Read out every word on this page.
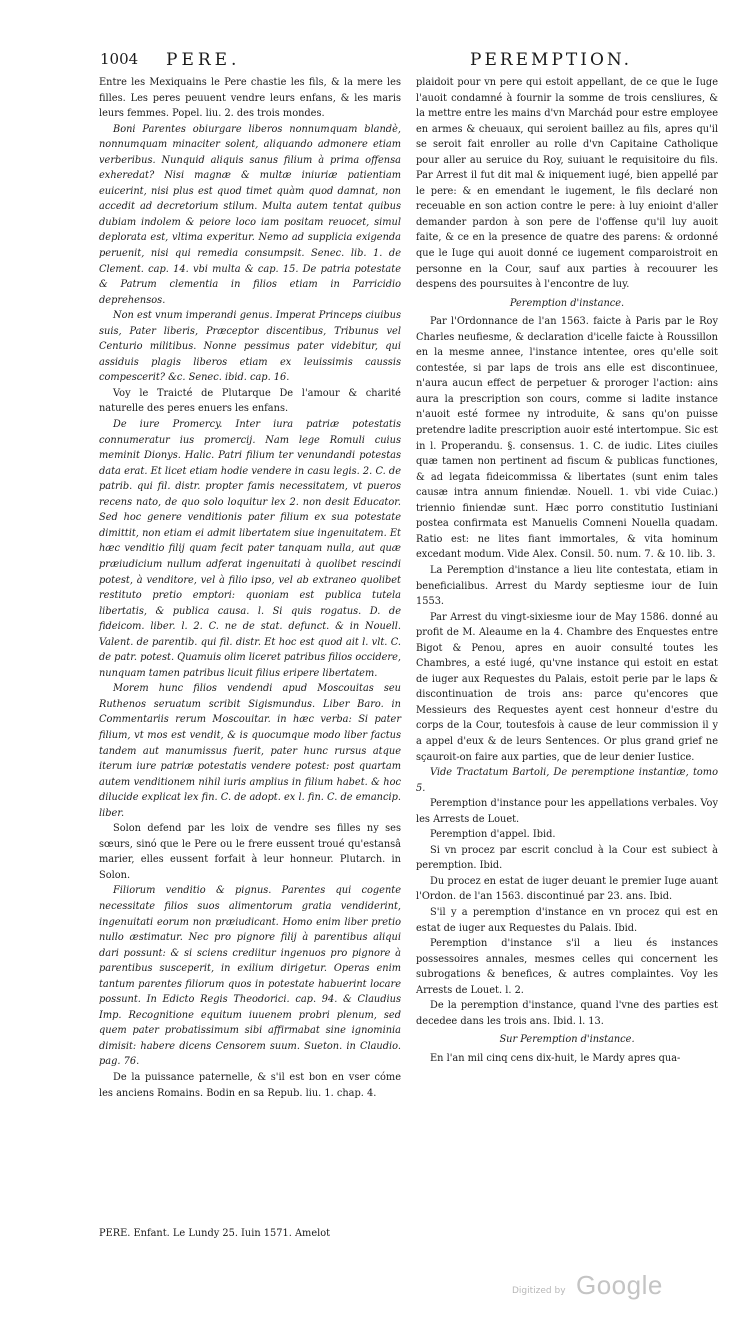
1004 PERE.	PEREMPTION.

Entre les Mexiquains le Pere chastie les fils, & la mere les filles. Les peres peuuent vendre leurs enfans, & les maris leurs femmes. Popel. liu. 2. des trois mondes.

Boni Parentes obiurgare liberos nonnumquam blandè, nonnumquam minaciter solent, aliquando admonere etiam verberibus. Nunquid aliquis sanus filium à prima offensa exheredat? Nisi magnæ & multæ iniuriæ patientiam euicerint, nisi plus est quod timet quàm quod damnat, non accedit ad decretorium stilum. Multa autem tentat quibus dubiam indolem & peiore loco iam positam reuocet, simul deplorata est, vltima experitur. Nemo ad supplicia exigenda peruenit, nisi qui remedia consumpsit. Senec. lib. 1. de Clement. cap. 14. vbi multa & cap. 15. De patria potestate & Patrum clementia in filios etiam in Parricidio deprehensos.

Non est vnum imperandi genus. Imperat Princeps ciuibus suis, Pater liberis, Præceptor discentibus, Tribunus vel Centurio militibus. Nonne pessimus pater videbitur, qui assiduis plagis liberos etiam ex leuissimis caussis compescerit? &c. Senec. ibid. cap. 16.

Voy le Traicté de Plutarque De l'amour & charité naturelle des peres enuers les enfans.

De iure Promercy. Inter iura patriæ potestatis connumeratur ius promercij. Nam lege Romuli cuius meminit Dionys. Halic. Patri filium ter venundandi potestas data erat. Et licet etiam hodie vendere in casu legis. 2. C. de patrib. qui fil. distr. propter famis necessitatem, vt pueros recens nato, de quo solo loquitur lex 2. non desit Educator. Sed hoc genere venditionis pater filium ex sua potestate dimittit, non etiam ei admit libertatem siue ingenuitatem. Et hæc venditio filij quam fecit pater tanquam nulla, aut quæ præiudicium nullum adferat ingenuitati à quolibet rescindi potest, à venditore, vel à filio ipso, vel ab extraneo quolibet restituto pretio emptori: quoniam est publica tutela libertatis, & publica causa. l. Si quis rogatus. D. de fideicom. liber. l. 2. C. ne de stat. defunct. & in Nouell. Valent. de parentib. qui fil. distr. Et hoc est quod ait l. vlt. C. de patr. potest. Quamuis olim liceret patribus filios occidere, nunquam tamen patribus licuit filius eripere libertatem.

Morem hunc filios vendendi apud Moscouitas seu Ruthenos seruatum scribit Sigismundus. Liber Baro. in Commentariis rerum Moscouitar. in hæc verba: Si pater filium, vt mos est vendit, & is quocumque modo liber factus tandem aut manumissus fuerit, pater hunc rursus atque iterum iure patriæ potestatis vendere potest: post quartam autem venditionem nihil iuris amplius in filium habet. & hoc dilucide explicat lex fin. C. de adopt. ex l. fin. C. de emancip. liber.

Solon defend par les loix de vendre ses filles ny ses sœurs, sinó que le Pere ou le frere eussent troué qu'estansâ marier, elles eussent forfait à leur honneur. Plutarch. in Solon.

Filiorum venditio & pignus. Parentes qui cogente necessitate filios suos alimentorum gratia vendiderint, ingenuitati eorum non præiudicant. Homo enim liber pretio nullo æstimatur. Nec pro pignore filij à parentibus aliqui dari possunt: & si sciens crediitur ingenuos pro pignore à parentibus susceperit, in exilium dirigetur. Operas enim tantum parentes filiorum quos in potestate habuerint locare possunt. In Edicto Regis Theodorici. cap. 94. & Claudius Imp. Recognitione equitum iuuenem probri plenum, sed quem pater probatissimum sibi affirmabat sine ignominia dimisit: habere dicens Censorem suum. Sueton. in Claudio. pag. 76.

De la puissance paternelle, & s'il est bon en vser cóme les anciens Romains. Bodin en sa Repub. liu. 1. chap. 4.

plaidoit pour vn pere qui estoit appellant, de ce que le Iuge l'auoit condamné à fournir la somme de trois censliures, & la mettre entre les mains d'vn Marchád pour estre employee en armes & cheuaux, qui seroient baillez au fils, apres qu'il se seroit fait enroller au rolle d'vn Capitaine Catholique pour aller au seruice du Roy, suiuant le requisitoire du fils. Par Arrest il fut dit mal & iniquement iugé, bien appellé par le pere: & en emendant le iugement, le fils declaré non receuable en son action contre le pere: à luy enioint d'aller demander pardon à son pere de l'offense qu'il luy auoit faite, & ce en la presence de quatre des parens: & ordonné que le Iuge qui auoit donné ce iugement comparoistroit en personne en la Cour, sauf aux parties à recouurer les despens des poursuites à l'encontre de luy.

Peremption d'instance.

Par l'Ordonnance de l'an 1563. faicte à Paris par le Roy Charles neufiesme, & declaration d'icelle faicte à Roussillon en la mesme annee, l'instance intentee, ores qu'elle soit contestée, si par laps de trois ans elle est discontinuee, n'aura aucun effect de perpetuer & proroger l'action: ains aura la prescription son cours, comme si ladite instance n'auoit esté formee ny introduite, & sans qu'on puisse pretendre ladite prescription auoir esté intertompue. Sic est in l. Properandu. §. consensus. 1. C. de iudic. Lites ciuiles quæ tamen non pertinent ad fiscum & publicas functiones, & ad legata fideicommissa & libertates (sunt enim tales causæ intra annum finiendæ. Nouell. 1. vbi vide Cuiac.) triennio finiendæ sunt. Hæc porro constitutio Iustiniani postea confirmata est Manuelis Comneni Nouella quadam. Ratio est: ne lites fiant immortales, & vita hominum excedant modum. Vide Alex. Consil. 50. num. 7. & 10. lib. 3.

La Peremption d'instance a lieu lite contestata, etiam in beneficialibus. Arrest du Mardy septiesme iour de Iuin 1553.

Par Arrest du vingt-sixiesme iour de May 1586. donné au profit de M. Aleaume en la 4. Chambre des Enquestes entre Bigot & Penou, apres en auoir consulté toutes les Chambres, a esté iugé, qu'vne instance qui estoit en estat de iuger aux Requestes du Palais, estoit perie par le laps & discontinuation de trois ans: parce qu'encores que Messieurs des Requestes ayent cest honneur d'estre du corps de la Cour, toutesfois à cause de leur commission il y a appel d'eux & de leurs Sentences. Or plus grand grief ne sçauroit-on faire aux parties, que de leur denier Iustice.

Vide Tractatum Bartoli, De peremptione instantiæ, tomo 5.

Peremption d'instance pour les appellations verbales. Voy les Arrests de Louet.

Peremption d'appel. Ibid.

Si vn procez par escrit conclud à la Cour est subiect à peremption. Ibid.

Du procez en estat de iuger deuant le premier Iuge auant l'Ordon. de l'an 1563. discontinué par 23. ans. Ibid.

S'il y a peremption d'instance en vn procez qui est en estat de iuger aux Requestes du Palais. Ibid.

Peremption d'instance s'il a lieu és instances possessoires annales, mesmes celles qui concernent les subrogations & benefices, & autres complaintes. Voy les Arrests de Louet. l. 2.

De la peremption d'instance, quand l'vne des parties est decedee dans les trois ans. Ibid. l. 13.

Sur Peremption d'instance.

En l'an mil cinq cens dix-huit, le Mardy apres qua-

PERE. Enfant. Le Lundy 25. Iuin 1571. Amelot
Digitized by Google
